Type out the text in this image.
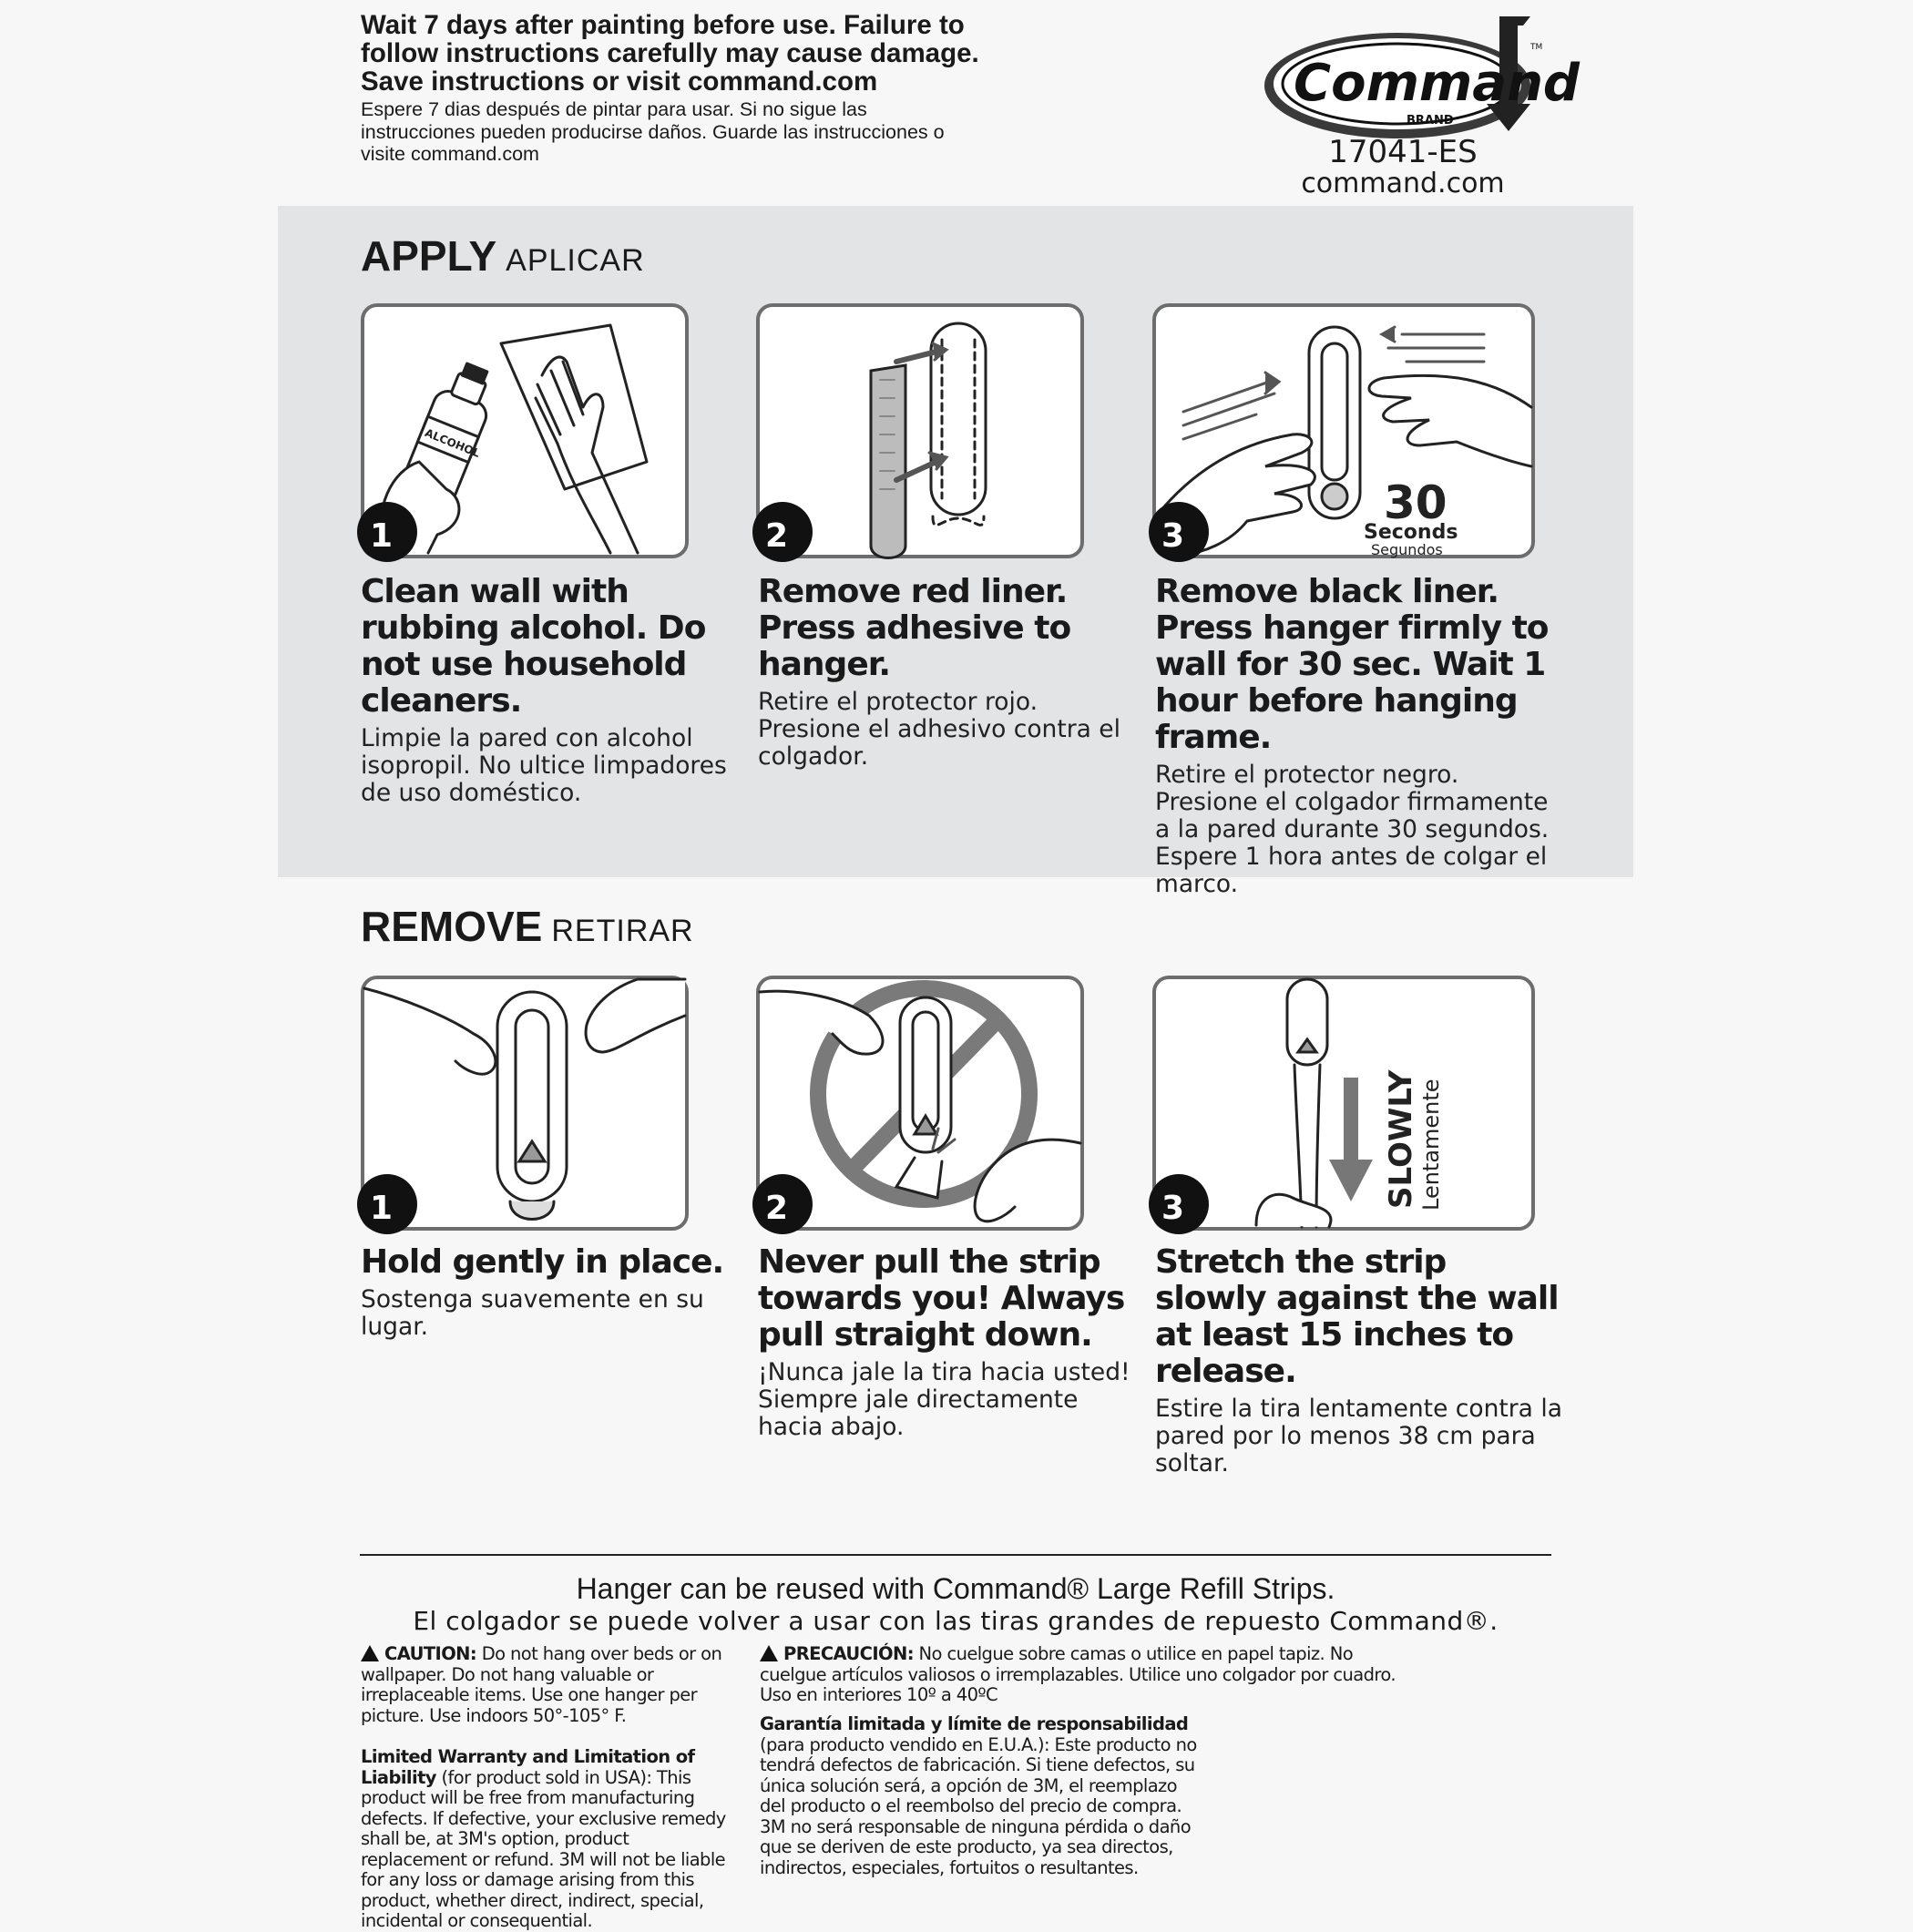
Wait 7 days after painting before use. Failure to follow instructions carefully may cause damage. Save instructions or visit command.com
Espere 7 dias después de pintar para usar. Si no sigue las instrucciones pueden producirse daños. Guarde las instrucciones o visite command.com
Command
BRAND
TM
17041-ES
command.com
APPLY APLICAR
ALCOHOL
1
Clean wall with rubbing alcohol. Do not use household cleaners.
Limpie la pared con alcohol isopropil. No ultice limpadores de uso doméstico.
2
Remove red liner. Press adhesive to hanger.
Retire el protector rojo. Presione el adhesivo contra el colgador.
30
Seconds
Segundos
3
Remove black liner. Press hanger firmly to wall for 30 sec. Wait 1 hour before hanging frame.
Retire el protector negro. Presione el colgador firmamente a la pared durante 30 segundos. Espere 1 hora antes de colgar el marco.
REMOVE RETIRAR
1
Hold gently in place.
Sostenga suavemente en su lugar.
2
Never pull the strip towards you! Always pull straight down.
¡Nunca jale la tira hacia usted! Siempre jale directamente hacia abajo.
SLOWLY Lentamente
3
Stretch the strip slowly against the wall at least 15 inches to release.
Estire la tira lentamente contra la pared por lo menos 38 cm para soltar.
Hanger can be reused with Command® Large Refill Strips.
El colgador se puede volver a usar con las tiras grandes de repuesto Command®.
CAUTION: Do not hang over beds or on wallpaper. Do not hang valuable or irreplaceable items. Use one hanger per picture. Use indoors 50°-105° F.
Limited Warranty and Limitation of Liability (for product sold in USA): This product will be free from manufacturing defects. If defective, your exclusive remedy shall be, at 3M's option, product replacement or refund. 3M will not be liable for any loss or damage arising from this product, whether direct, indirect, special, incidental or consequential.
PRECAUCIÓN: No cuelgue sobre camas o utilice en papel tapiz. No cuelgue artículos valiosos o irremplazables. Utilice uno colgador por cuadro. Uso en interiores 10º a 40ºC
Garantía limitada y límite de responsabilidad (para producto vendido en E.U.A.): Este producto no tendrá defectos de fabricación. Si tiene defectos, su única solución será, a opción de 3M, el reemplazo del producto o el reembolso del precio de compra. 3M no será responsable de ninguna pérdida o daño que se deriven de este producto, ya sea directos, indirectos, especiales, fortuitos o resultantes.
